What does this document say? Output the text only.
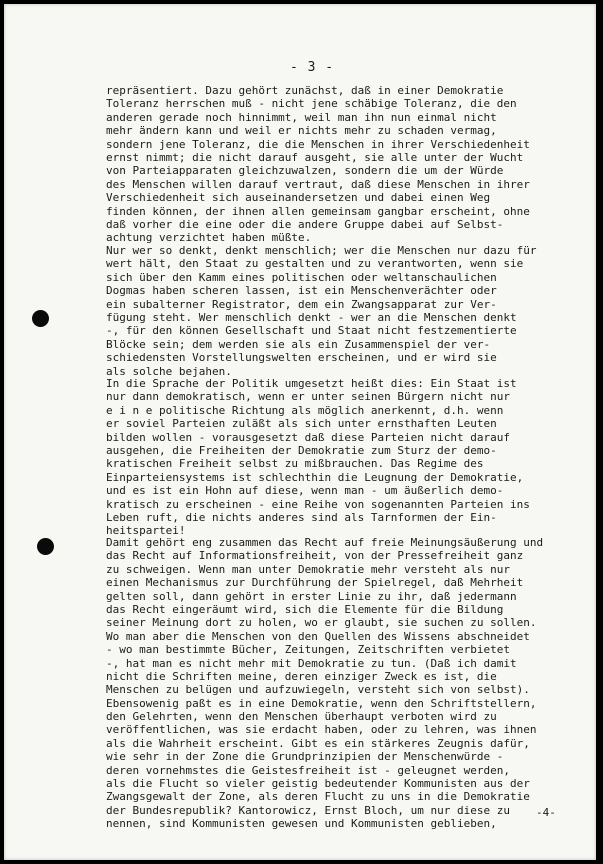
- 3 -
repräsentiert. Dazu gehört zunächst, daß in einer Demokratie
Toleranz herrschen muß - nicht jene schäbige Toleranz, die den
anderen gerade noch hinnimmt, weil man ihn nun einmal nicht
mehr ändern kann und weil er nichts mehr zu schaden vermag,
sondern jene Toleranz, die die Menschen in ihrer Verschiedenheit
ernst nimmt; die nicht darauf ausgeht, sie alle unter der Wucht
von Parteiapparaten gleichzuwalzen, sondern die um der Würde
des Menschen willen darauf vertraut, daß diese Menschen in ihrer
Verschiedenheit sich auseinandersetzen und dabei einen Weg
finden können, der ihnen allen gemeinsam gangbar erscheint, ohne
daß vorher die eine oder die andere Gruppe dabei auf Selbst-
achtung verzichtet haben müßte.
Nur wer so denkt, denkt menschlich; wer die Menschen nur dazu für
wert hält, den Staat zu gestalten und zu verantworten, wenn sie
sich über den Kamm eines politischen oder weltanschaulichen
Dogmas haben scheren lassen, ist ein Menschenverächter oder
ein subalterner Registrator, dem ein Zwangsapparat zur Ver-
fügung steht. Wer menschlich denkt - wer an die Menschen denkt
-, für den können Gesellschaft und Staat nicht festzementierte
Blöcke sein; dem werden sie als ein Zusammenspiel der ver-
schiedensten Vorstellungswelten erscheinen, und er wird sie
als solche bejahen.
In die Sprache der Politik umgesetzt heißt dies: Ein Staat ist
nur dann demokratisch, wenn er unter seinen Bürgern nicht nur
e i n e politische Richtung als möglich anerkennt, d.h. wenn
er soviel Parteien zuläßt als sich unter ernsthaften Leuten
bilden wollen - vorausgesetzt daß diese Parteien nicht darauf
ausgehen, die Freiheiten der Demokratie zum Sturz der demo-
kratischen Freiheit selbst zu mißbrauchen. Das Regime des
Einparteiensystems ist schlechthin die Leugnung der Demokratie,
und es ist ein Hohn auf diese, wenn man - um äußerlich demo-
kratisch zu erscheinen - eine Reihe von sogenannten Parteien ins
Leben ruft, die nichts anderes sind als Tarnformen der Ein-
heitspartei!
Damit gehört eng zusammen das Recht auf freie Meinungsäußerung und
das Recht auf Informationsfreiheit, von der Pressefreiheit ganz
zu schweigen. Wenn man unter Demokratie mehr versteht als nur
einen Mechanismus zur Durchführung der Spielregel, daß Mehrheit
gelten soll, dann gehört in erster Linie zu ihr, daß jedermann
das Recht eingeräumt wird, sich die Elemente für die Bildung
seiner Meinung dort zu holen, wo er glaubt, sie suchen zu sollen.
Wo man aber die Menschen von den Quellen des Wissens abschneidet
- wo man bestimmte Bücher, Zeitungen, Zeitschriften verbietet
-, hat man es nicht mehr mit Demokratie zu tun. (Daß ich damit
nicht die Schriften meine, deren einziger Zweck es ist, die
Menschen zu belügen und aufzuwiegeln, versteht sich von selbst).
Ebensowenig paßt es in eine Demokratie, wenn den Schriftstellern,
den Gelehrten, wenn den Menschen überhaupt verboten wird zu
veröffentlichen, was sie erdacht haben, oder zu lehren, was ihnen
als die Wahrheit erscheint. Gibt es ein stärkeres Zeugnis dafür,
wie sehr in der Zone die Grundprinzipien der Menschenwürde -
deren vornehmstes die Geistesfreiheit ist - geleugnet werden,
als die Flucht so vieler geistig bedeutender Kommunisten aus der
Zwangsgewalt der Zone, als deren Flucht zu uns in die Demokratie
der Bundesrepublik? Kantorowicz, Ernst Bloch, um nur diese zu
nennen, sind Kommunisten gewesen und Kommunisten geblieben,
-4-
